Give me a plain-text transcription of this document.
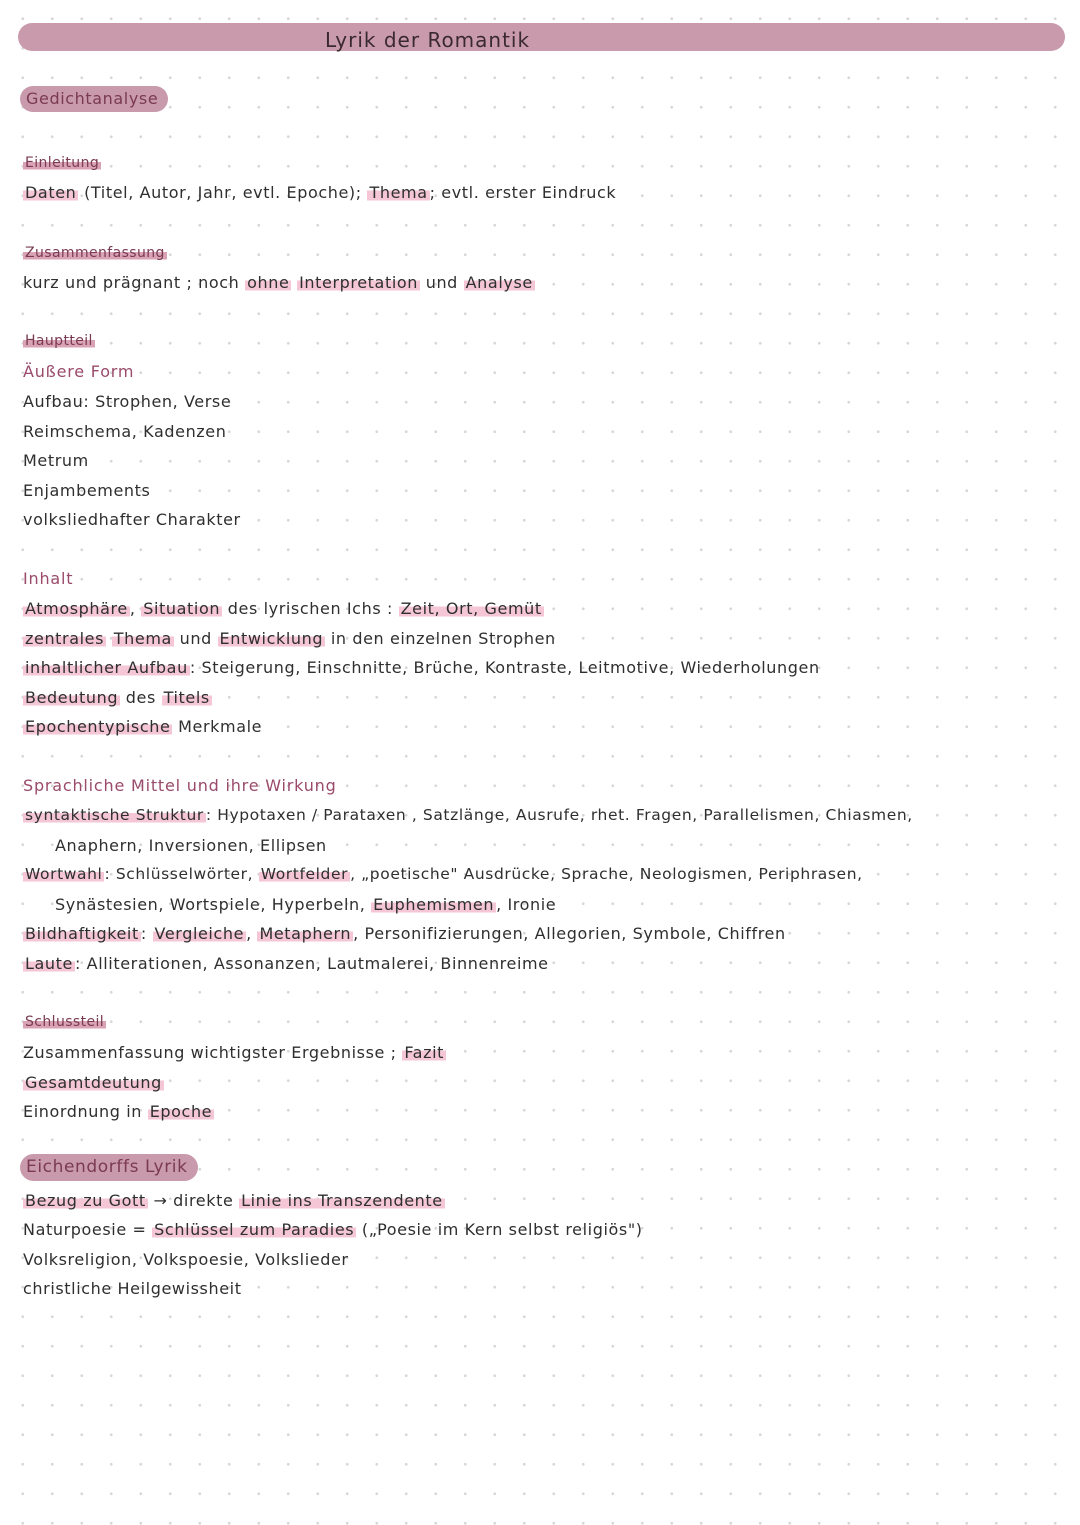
Lyrik der Romantik
Gedichtanalyse
Einleitung
Daten (Titel, Autor, Jahr, evtl. Epoche); Thema ; evtl. erster Eindruck
Zusammenfassung
kurz und prägnant ; noch ohne Interpretation und Analyse
Hauptteil
Äußere Form
Aufbau: Strophen, Verse
Reimschema, Kadenzen
Metrum
Enjambements
volksliedhafter Charakter
Inhalt
Atmosphäre , Situation des lyrischen Ichs : Zeit, Ort, Gemüt
zentrales Thema und Entwicklung in den einzelnen Strophen
inhaltlicher Aufbau : Steigerung, Einschnitte, Brüche, Kontraste, Leitmotive, Wiederholungen
Bedeutung des Titels
Epochentypische Merkmale
Sprachliche Mittel und ihre Wirkung
syntaktische Struktur : Hypotaxen / Parataxen , Satzlänge, Ausrufe, rhet. Fragen, Parallelismen, Chiasmen,
Anaphern, Inversionen, Ellipsen
Wortwahl : Schlüsselwörter, Wortfelder , „poetische" Ausdrücke, Sprache, Neologismen, Periphrasen,
Synästesien, Wortspiele, Hyperbeln, Euphemismen , Ironie
Bildhaftigkeit : Vergleiche , Metaphern , Personifizierungen, Allegorien, Symbole, Chiffren
Laute : Alliterationen, Assonanzen, Lautmalerei, Binnenreime
Schlussteil
Zusammenfassung wichtigster Ergebnisse ; Fazit
Gesamtdeutung
Einordnung in Epoche
Eichendorffs Lyrik
Bezug zu Gott → direkte Linie ins Transzendente
Naturpoesie = Schlüssel zum Paradies („Poesie im Kern selbst religiös")
Volksreligion, Volkspoesie, Volkslieder
christliche Heilgewissheit
